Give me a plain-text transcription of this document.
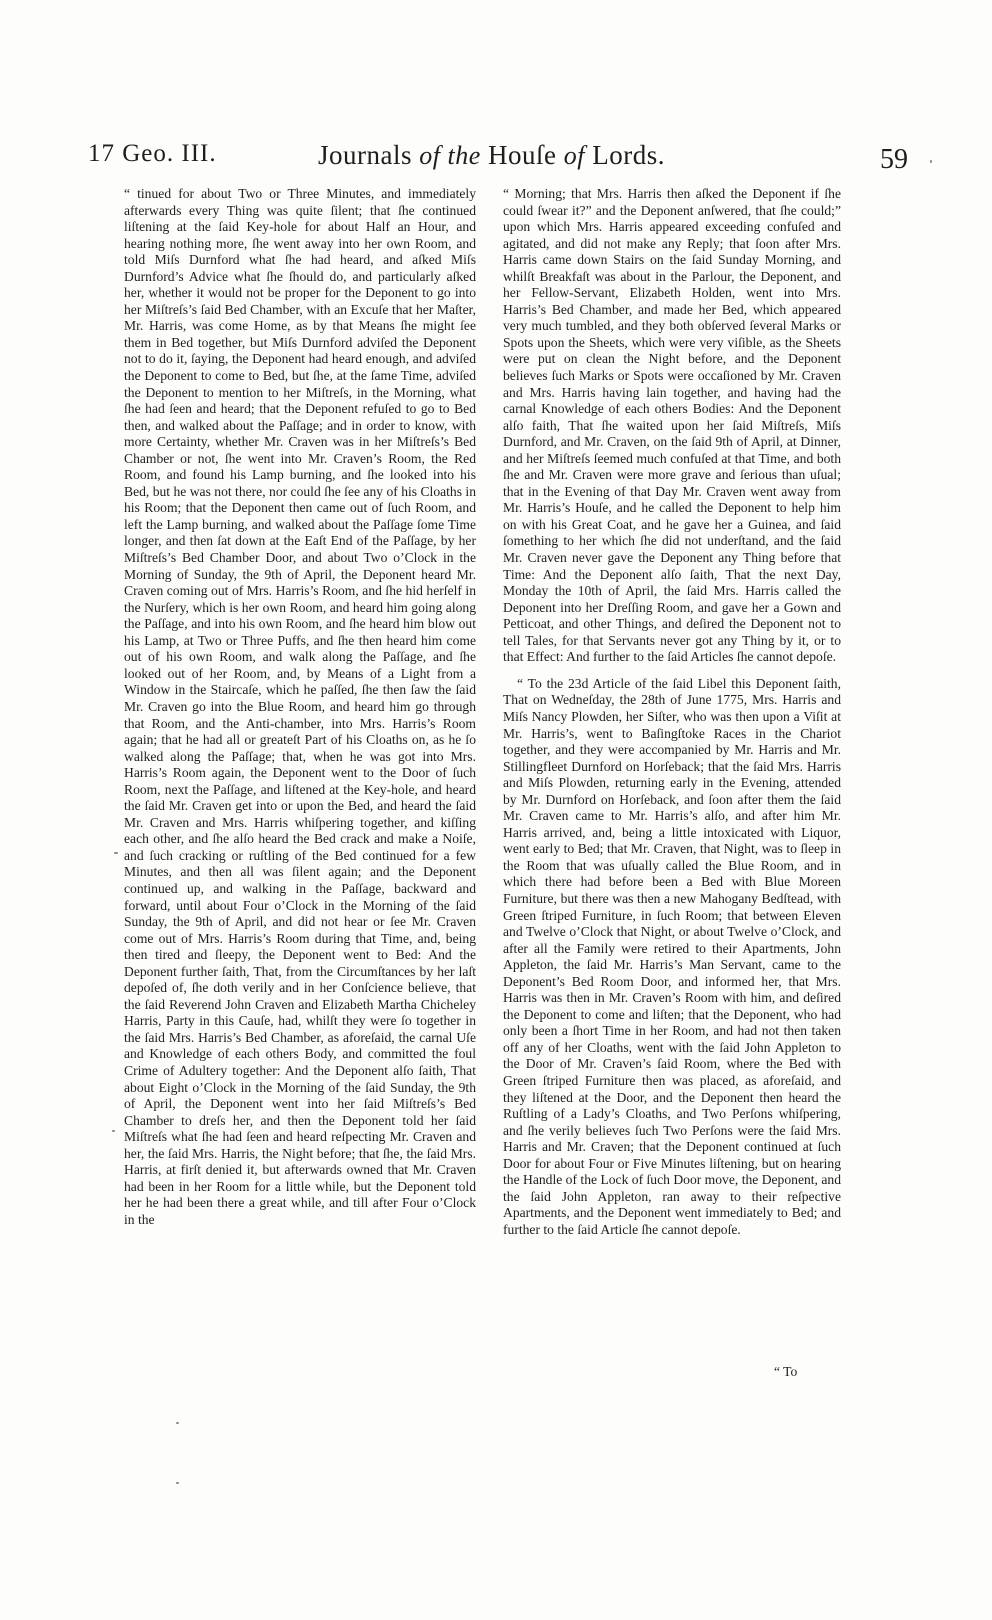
17 Geo. III.	Journals of the Houſe of Lords.	59

“ tinued for about Two or Three Minutes, and immediately afterwards every Thing was quite ſilent; that ſhe continued liſtening at the ſaid Key-hole for about Half an Hour, and hearing nothing more, ſhe went away into her own Room, and told Miſs Durnford what ſhe had heard, and aſked Miſs Durnford’s Advice what ſhe ſhould do, and particularly aſked her, whether it would not be proper for the Deponent to go into her Miſtreſs’s ſaid Bed Chamber, with an Excuſe that her Maſter, Mr. Harris, was come Home, as by that Means ſhe might ſee them in Bed together, but Miſs Durnford adviſed the Deponent not to do it, ſaying, the Deponent had heard enough, and adviſed the Deponent to come to Bed, but ſhe, at the ſame Time, adviſed the Deponent to mention to her Miſtreſs, in the Morning, what ſhe had ſeen and heard; that the Deponent refuſed to go to Bed then, and walked about the Paſſage; and in order to know, with more Certainty, whether Mr. Craven was in her Miſtreſs’s Bed Chamber or not, ſhe went into Mr. Craven’s Room, the Red Room, and found his Lamp burning, and ſhe looked into his Bed, but he was not there, nor could ſhe ſee any of his Cloaths in his Room; that the Deponent then came out of ſuch Room, and left the Lamp burning, and walked about the Paſſage ſome Time longer, and then ſat down at the Eaſt End of the Paſſage, by her Miſtreſs’s Bed Chamber Door, and about Two o’Clock in the Morning of Sunday, the 9th of April, the Deponent heard Mr. Craven coming out of Mrs. Harris’s Room, and ſhe hid herſelf in the Nurſery, which is her own Room, and heard him going along the Paſſage, and into his own Room, and ſhe heard him blow out his Lamp, at Two or Three Puffs, and ſhe then heard him come out of his own Room, and walk along the Paſſage, and ſhe looked out of her Room, and, by Means of a Light from a Window in the Staircaſe, which he paſſed, ſhe then ſaw the ſaid Mr. Craven go into the Blue Room, and heard him go through that Room, and the Anti-chamber, into Mrs. Harris’s Room again; that he had all or greateſt Part of his Cloaths on, as he ſo walked along the Paſſage; that, when he was got into Mrs. Harris’s Room again, the Deponent went to the Door of ſuch Room, next the Paſſage, and liſtened at the Key-hole, and heard the ſaid Mr. Craven get into or upon the Bed, and heard the ſaid Mr. Craven and Mrs. Harris whiſpering together, and kiſſing each other, and ſhe alſo heard the Bed crack and make a Noiſe, and ſuch cracking or ruſtling of the Bed continued for a few Minutes, and then all was ſilent again; and the Deponent continued up, and walking in the Paſſage, backward and forward, until about Four o’Clock in the Morning of the ſaid Sunday, the 9th of April, and did not hear or ſee Mr. Craven come out of Mrs. Harris’s Room during that Time, and, being then tired and ſleepy, the Deponent went to Bed: And the Deponent further ſaith, That, from the Circumſtances by her laſt depoſed of, ſhe doth verily and in her Conſcience believe, that the ſaid Reverend John Craven and Elizabeth Martha Chicheley Harris, Party in this Cauſe, had, whilſt they were ſo together in the ſaid Mrs. Harris’s Bed Chamber, as aforeſaid, the carnal Uſe and Knowledge of each others Body, and committed the foul Crime of Adultery together: And the Deponent alſo ſaith, That about Eight o’Clock in the Morning of the ſaid Sunday, the 9th of April, the Deponent went into her ſaid Miſtreſs’s Bed Chamber to dreſs her, and then the Deponent told her ſaid Miſtreſs what ſhe had ſeen and heard reſpecting Mr. Craven and her, the ſaid Mrs. Harris, the Night before; that ſhe, the ſaid Mrs. Harris, at firſt denied it, but afterwards owned that Mr. Craven had been in her Room for a little while, but the Deponent told her he had been there a great while, and till after Four o’Clock in the

“ Morning; that Mrs. Harris then aſked the Deponent if ſhe could ſwear it?” and the Deponent anſwered, that ſhe could;” upon which Mrs. Harris appeared exceeding confuſed and agitated, and did not make any Reply; that ſoon after Mrs. Harris came down Stairs on the ſaid Sunday Morning, and whilſt Breakfaſt was about in the Parlour, the Deponent, and her Fellow-Servant, Elizabeth Holden, went into Mrs. Harris’s Bed Chamber, and made her Bed, which appeared very much tumbled, and they both obſerved ſeveral Marks or Spots upon the Sheets, which were very viſible, as the Sheets were put on clean the Night before, and the Deponent believes ſuch Marks or Spots were occaſioned by Mr. Craven and Mrs. Harris having lain together, and having had the carnal Knowledge of each others Bodies: And the Deponent alſo faith, That ſhe waited upon her ſaid Miſtreſs, Miſs Durnford, and Mr. Craven, on the ſaid 9th of April, at Dinner, and her Miſtreſs ſeemed much confuſed at that Time, and both ſhe and Mr. Craven were more grave and ſerious than uſual; that in the Evening of that Day Mr. Craven went away from Mr. Harris’s Houſe, and he called the Deponent to help him on with his Great Coat, and he gave her a Guinea, and ſaid ſomething to her which ſhe did not underſtand, and the ſaid Mr. Craven never gave the Deponent any Thing before that Time: And the Deponent alſo ſaith, That the next Day, Monday the 10th of April, the ſaid Mrs. Harris called the Deponent into her Dreſſing Room, and gave her a Gown and Petticoat, and other Things, and deſired the Deponent not to tell Tales, for that Servants never got any Thing by it, or to that Effect: And further to the ſaid Articles ſhe cannot depoſe.

“ To the 23d Article of the ſaid Libel this Deponent ſaith, That on Wedneſday, the 28th of June 1775, Mrs. Harris and Miſs Nancy Plowden, her Siſter, who was then upon a Viſit at Mr. Harris’s, went to Baſingſtoke Races in the Chariot together, and they were accompanied by Mr. Harris and Mr. Stillingfleet Durnford on Horſeback; that the ſaid Mrs. Harris and Miſs Plowden, returning early in the Evening, attended by Mr. Durnford on Horſeback, and ſoon after them the ſaid Mr. Craven came to Mr. Harris’s alſo, and after him Mr. Harris arrived, and, being a little intoxicated with Liquor, went early to Bed; that Mr. Craven, that Night, was to ſleep in the Room that was uſually called the Blue Room, and in which there had before been a Bed with Blue Moreen Furniture, but there was then a new Mahogany Bedſtead, with Green ſtriped Furniture, in ſuch Room; that between Eleven and Twelve o’Clock that Night, or about Twelve o’Clock, and after all the Family were retired to their Apartments, John Appleton, the ſaid Mr. Harris’s Man Servant, came to the Deponent’s Bed Room Door, and informed her, that Mrs. Harris was then in Mr. Craven’s Room with him, and deſired the Deponent to come and liſten; that the Deponent, who had only been a ſhort Time in her Room, and had not then taken off any of her Cloaths, went with the ſaid John Appleton to the Door of Mr. Craven’s ſaid Room, where the Bed with Green ſtriped Furniture then was placed, as aforeſaid, and they liſtened at the Door, and the Deponent then heard the Ruſtling of a Lady’s Cloaths, and Two Perſons whiſpering, and ſhe verily believes ſuch Two Perſons were the ſaid Mrs. Harris and Mr. Craven; that the Deponent continued at ſuch Door for about Four or Five Minutes liſtening, but on hearing the Handle of the Lock of ſuch Door move, the Deponent, and the ſaid John Appleton, ran away to their reſpective Apartments, and the Deponent went immediately to Bed; and further to the ſaid Article ſhe cannot depoſe.

“ To
